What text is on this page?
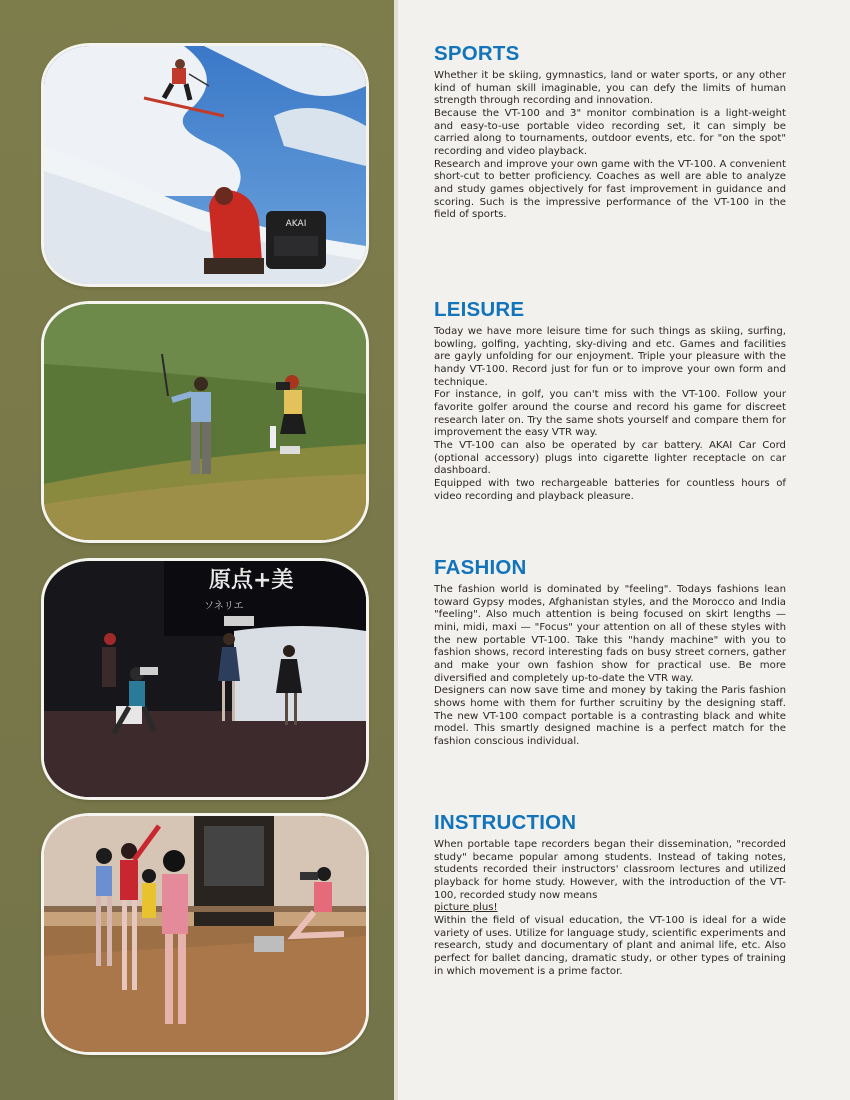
AKAI
原点+美
ソネリエ
SPORTS

Whether it be skiing, gymnastics, land or water sports, or any other kind of human skill imaginable, you can defy the limits of human strength through recording and innovation.

Because the VT-100 and 3" monitor combination is a light-weight and easy-to-use portable video recording set, it can simply be carried along to tournaments, outdoor events, etc. for "on the spot" recording and video playback.

Research and improve your own game with the VT-100. A convenient short-cut to better proficiency. Coaches as well are able to analyze and study games objectively for fast improvement in guidance and scoring. Such is the impressive performance of the VT-100 in the field of sports.

LEISURE

Today we have more leisure time for such things as skiing, surfing, bowling, golfing, yachting, sky-diving and etc. Games and facilities are gayly unfolding for our enjoyment. Triple your pleasure with the handy VT-100. Record just for fun or to improve your own form and technique.

For instance, in golf, you can't miss with the VT-100. Follow your favorite golfer around the course and record his game for discreet research later on. Try the same shots yourself and compare them for improvement the easy VTR way.

The VT-100 can also be operated by car battery. AKAI Car Cord (optional accessory) plugs into cigarette lighter receptacle on car dashboard.

Equipped with two rechargeable batteries for countless hours of video recording and playback pleasure.

FASHION

The fashion world is dominated by "feeling". Todays fashions lean toward Gypsy modes, Afghanistan styles, and the Morocco and India "feeling". Also much attention is being focused on skirt lengths — mini, midi, maxi — "Focus" your attention on all of these styles with the new portable VT-100. Take this "handy machine" with you to fashion shows, record interesting fads on busy street corners, gather and make your own fashion show for practical use. Be more diversified and completely up-to-date the VTR way.

Designers can now save time and money by taking the Paris fashion shows home with them for further scruitiny by the designing staff. The new VT-100 compact portable is a contrasting black and white model. This smartly designed machine is a perfect match for the fashion conscious individual.

INSTRUCTION

When portable tape recorders began their dissemination, "recorded study" became popular among students. Instead of taking notes, students recorded their instructors' classroom lectures and utilized playback for home study. However, with the introduction of the VT-100, recorded study now means

picture plus!

Within the field of visual education, the VT-100 is ideal for a wide variety of uses. Utilize for language study, scientific experiments and research, study and documentary of plant and animal life, etc. Also perfect for ballet dancing, dramatic study, or other types of training in which movement is a prime factor.
